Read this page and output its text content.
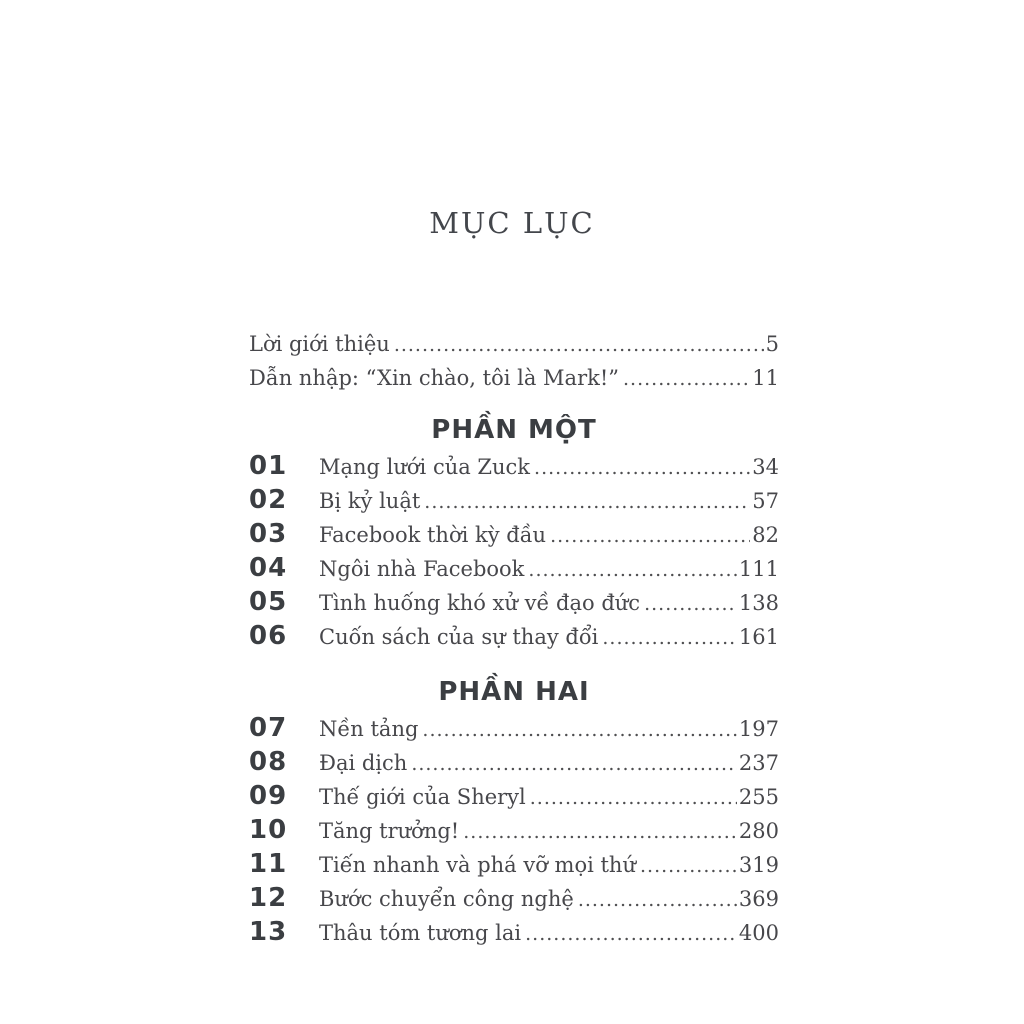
MỤC LỤC
Lời giới thiệu .....	5
Dẫn nhập: “Xin chào, tôi là Mark!” .....	11
PHẦN MỘT
01	Mạng lưới của Zuck .....	34
02	Bị kỷ luật .....	57
03	Facebook thời kỳ đầu .....	82
04	Ngôi nhà Facebook .....	111
05	Tình huống khó xử về đạo đức .....	138
06	Cuốn sách của sự thay đổi .....	161
PHẦN HAI
07	Nền tảng .....	197
08	Đại dịch .....	237
09	Thế giới của Sheryl .....	255
10	Tăng trưởng! .....	280
11	Tiến nhanh và phá vỡ mọi thứ .....	319
12	Bước chuyển công nghệ .....	369
13	Thâu tóm tương lai .....	400
